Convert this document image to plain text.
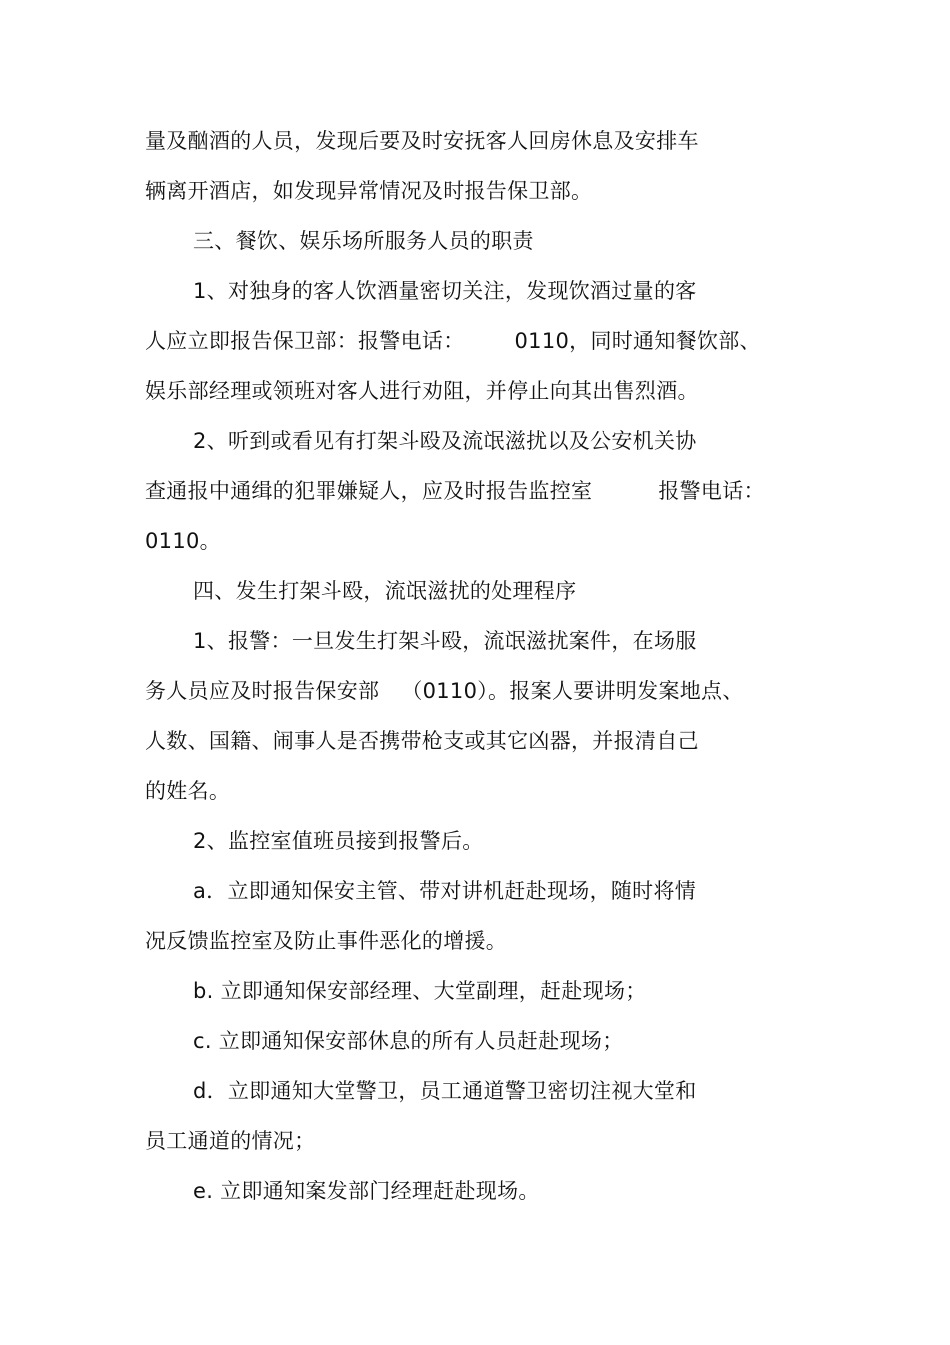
量及酗酒的人员，发现后要及时安抚客人回房休息及安排车
辆离开酒店，如发现异常情况及时报告保卫部。
三、餐饮、娱乐场所服务人员的职责
1、对独身的客人饮酒量密切关注，发现饮酒过量的客
人应立即报告保卫部：报警电话： 0110，同时通知餐饮部、
娱乐部经理或领班对客人进行劝阻，并停止向其出售烈酒。
2、听到或看见有打架斗殴及流氓滋扰以及公安机关协
查通报中通缉的犯罪嫌疑人，应及时报告监控室	报警电话：
0110。
四、发生打架斗殴，流氓滋扰的处理程序
1、报警：一旦发生打架斗殴，流氓滋扰案件，在场服
务人员应及时报告保安部 （0110）。报案人要讲明发案地点、
人数、国籍、闹事人是否携带枪支或其它凶器，并报清自己
的姓名。
2、监控室值班员接到报警后。
a．立即通知保安主管、带对讲机赶赴现场，随时将情
况反馈监控室及防止事件恶化的增援。
b. 立即通知保安部经理、大堂副理，赶赴现场；
c. 立即通知保安部休息的所有人员赶赴现场；
d．立即通知大堂警卫，员工通道警卫密切注视大堂和
员工通道的情况；
e. 立即通知案发部门经理赶赴现场。
